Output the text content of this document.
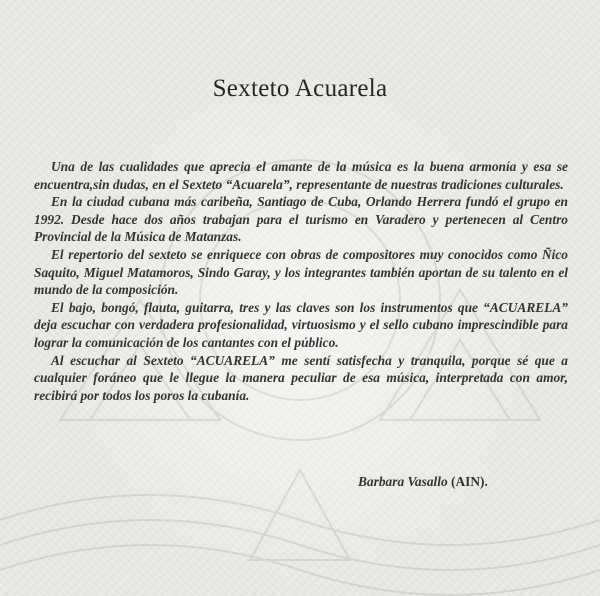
Sexteto Acuarela

Una de las cualidades que aprecia el amante de la música es la buena armonía y esa se encuentra,sin dudas, en el Sexteto “Acuarela”, representante de nuestras tradiciones culturales.

En la ciudad cubana más caribeña, Santiago de Cuba, Orlando Herrera fundó el grupo en 1992. Desde hace dos años trabajan para el turismo en Varadero y pertenecen al Centro Provincial de la Música de Matanzas.

El repertorio del sexteto se enriquece con obras de compositores muy conocidos como Ñico Saquito, Miguel Matamoros, Sindo Garay, y los integrantes también aportan de su talento en el mundo de la composición.

El bajo, bongó, flauta, guitarra, tres y las claves son los instrumentos que “ACUARELA” deja escuchar con verdadera profesionalidad, virtuosismo y el sello cubano imprescindible para lograr la comunicación de los cantantes con el público.

Al escuchar al Sexteto “ACUARELA” me sentí satisfecha y tranquila, porque sé que a cualquier foráneo que le llegue la manera peculiar de esa música, interpretada con amor, recibirá por todos los poros la cubanía.

Barbara Vasallo (AIN).
